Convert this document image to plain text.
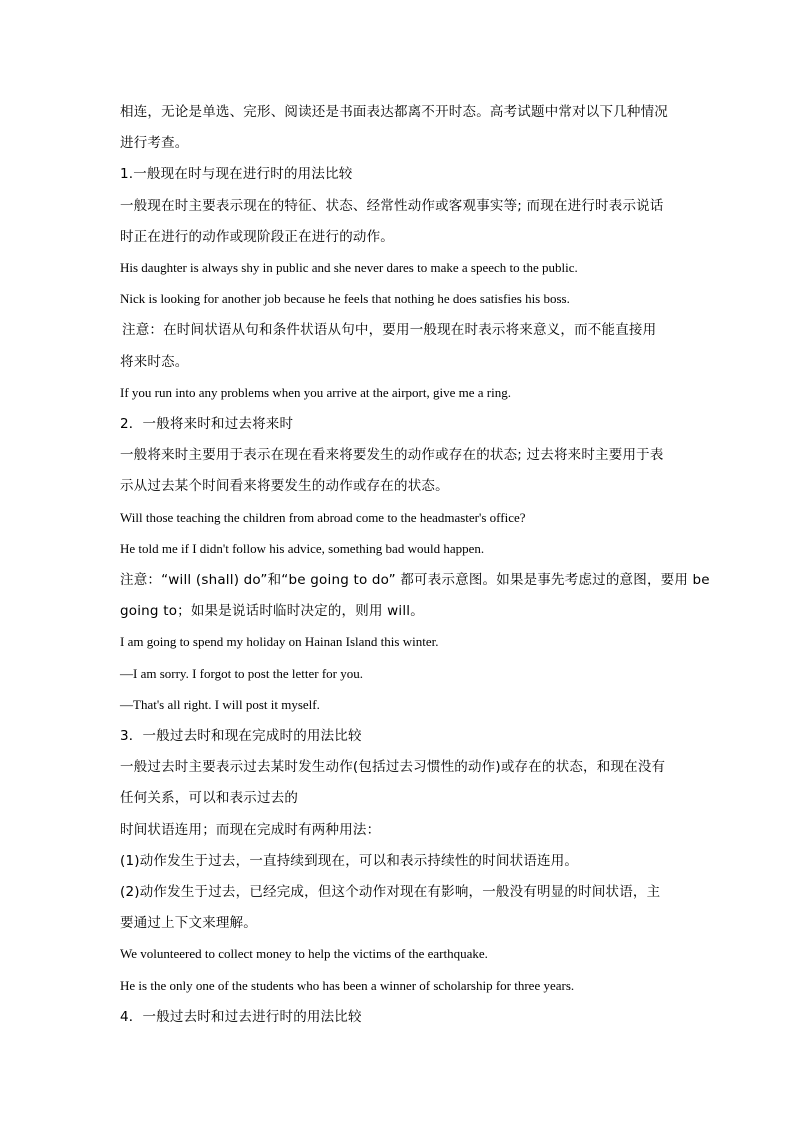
相连，无论是单选、完形、阅读还是书面表达都离不开时态。高考试题中常对以下几种情况
进行考查。
1.一般现在时与现在进行时的用法比较
一般现在时主要表示现在的特征、状态、经常性动作或客观事实等; 而现在进行时表示说话
时正在进行的动作或现阶段正在进行的动作。
His daughter is always shy in public and she never dares to make a speech to the public.
Nick is looking for another job because he feels that nothing he does satisfies his boss.
注意：在时间状语从句和条件状语从句中，要用一般现在时表示将来意义，而不能直接用
将来时态。
If you run into any problems when you arrive at the airport, give me a ring.
2．一般将来时和过去将来时
一般将来时主要用于表示在现在看来将要发生的动作或存在的状态; 过去将来时主要用于表
示从过去某个时间看来将要发生的动作或存在的状态。
Will those teaching the children from abroad come to the headmaster's office?
He told me if I didn't follow his advice, something bad would happen.
注意：“will (shall) do”和“be going to do” 都可表示意图。如果是事先考虑过的意图，要用 be
going to；如果是说话时临时决定的，则用 will。
I am going to spend my holiday on Hainan Island this winter.
—I am sorry. I forgot to post the letter for you.
—That's all right. I will post it myself.
3．一般过去时和现在完成时的用法比较
一般过去时主要表示过去某时发生动作(包括过去习惯性的动作)或存在的状态，和现在没有
任何关系，可以和表示过去的
时间状语连用；而现在完成时有两种用法：
(1)动作发生于过去，一直持续到现在，可以和表示持续性的时间状语连用。
(2)动作发生于过去，已经完成，但这个动作对现在有影响，一般没有明显的时间状语，主
要通过上下文来理解。
We volunteered to collect money to help the victims of the earthquake.
He is the only one of the students who has been a winner of scholarship for three years.
4．一般过去时和过去进行时的用法比较
